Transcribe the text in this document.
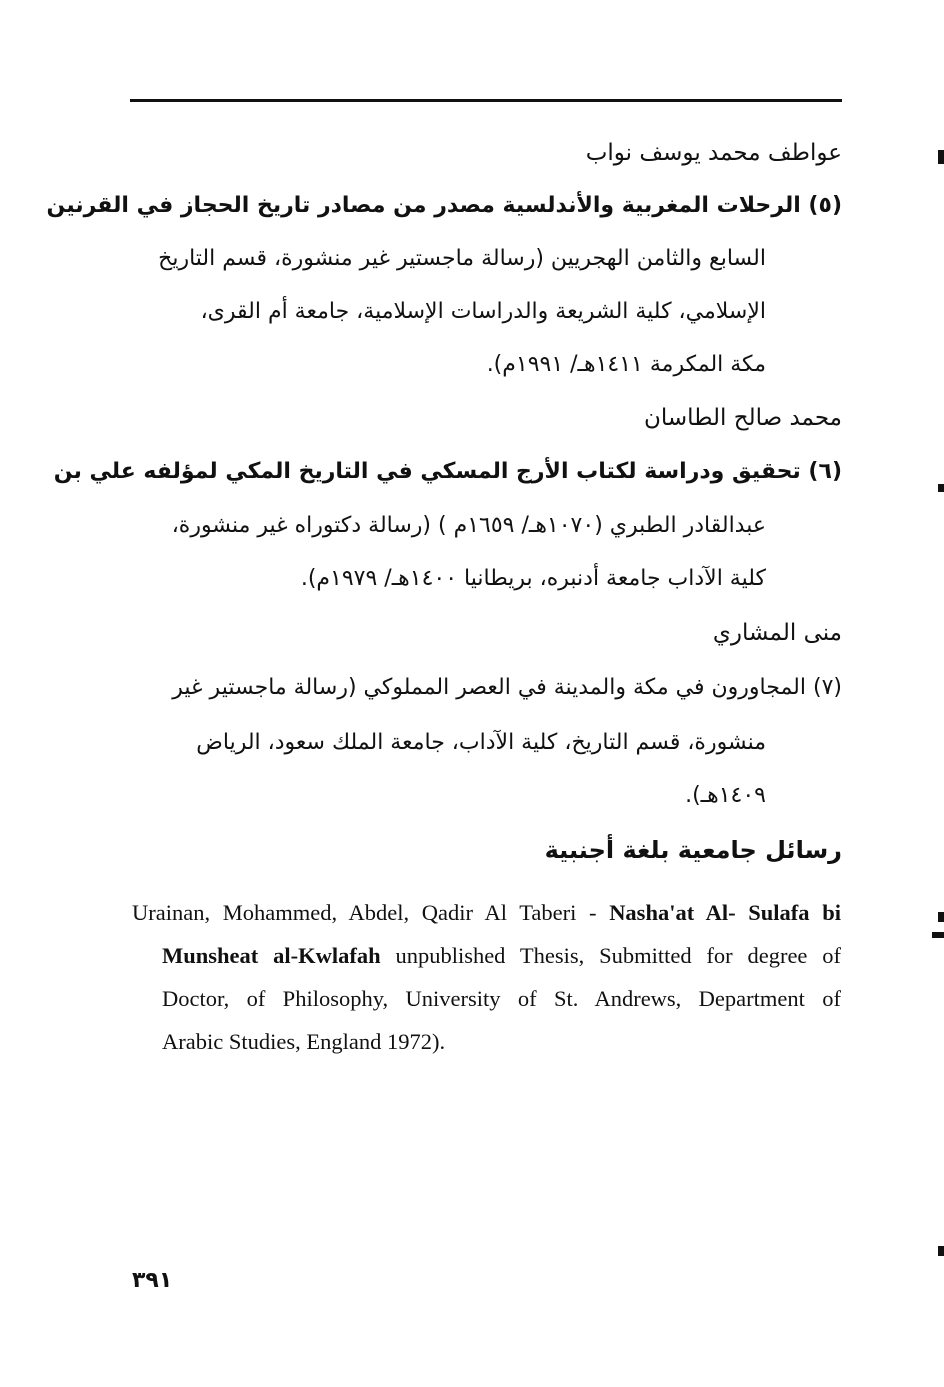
عواطف محمد يوسف نواب
(٥) الرحلات المغربية والأندلسية مصدر من مصادر تاريخ الحجاز في القرنين
السابع والثامن الهجريين (رسالة ماجستير غير منشورة، قسم التاريخ
الإسلامي، كلية الشريعة والدراسات الإسلامية، جامعة أم القرى،
مكة المكرمة ١٤١١هـ/ ١٩٩١م).
محمد صالح الطاسان
(٦) تحقيق ودراسة لكتاب الأرج المسكي في التاريخ المكي لمؤلفه علي بن
عبدالقادر الطبري (١٠٧٠هـ/ ١٦٥٩م ) (رسالة دكتوراه غير منشورة،
كلية الآداب جامعة أدنبره، بريطانيا ١٤٠٠هـ/ ١٩٧٩م).
منى المشاري
(٧) المجاورون في مكة والمدينة في العصر المملوكي (رسالة ماجستير غير
منشورة، قسم التاريخ، كلية الآداب، جامعة الملك سعود، الرياض
١٤٠٩هـ).
رسائل جامعية بلغة أجنبية
Urainan, Mohammed, Abdel, Qadir Al Taberi - Nasha'at Al- Sulafa bi
Munsheat al-Kwlafah unpublished Thesis, Submitted for degree of
Doctor, of Philosophy, University of St. Andrews, Department of
Arabic Studies, England 1972).
٣٩١
